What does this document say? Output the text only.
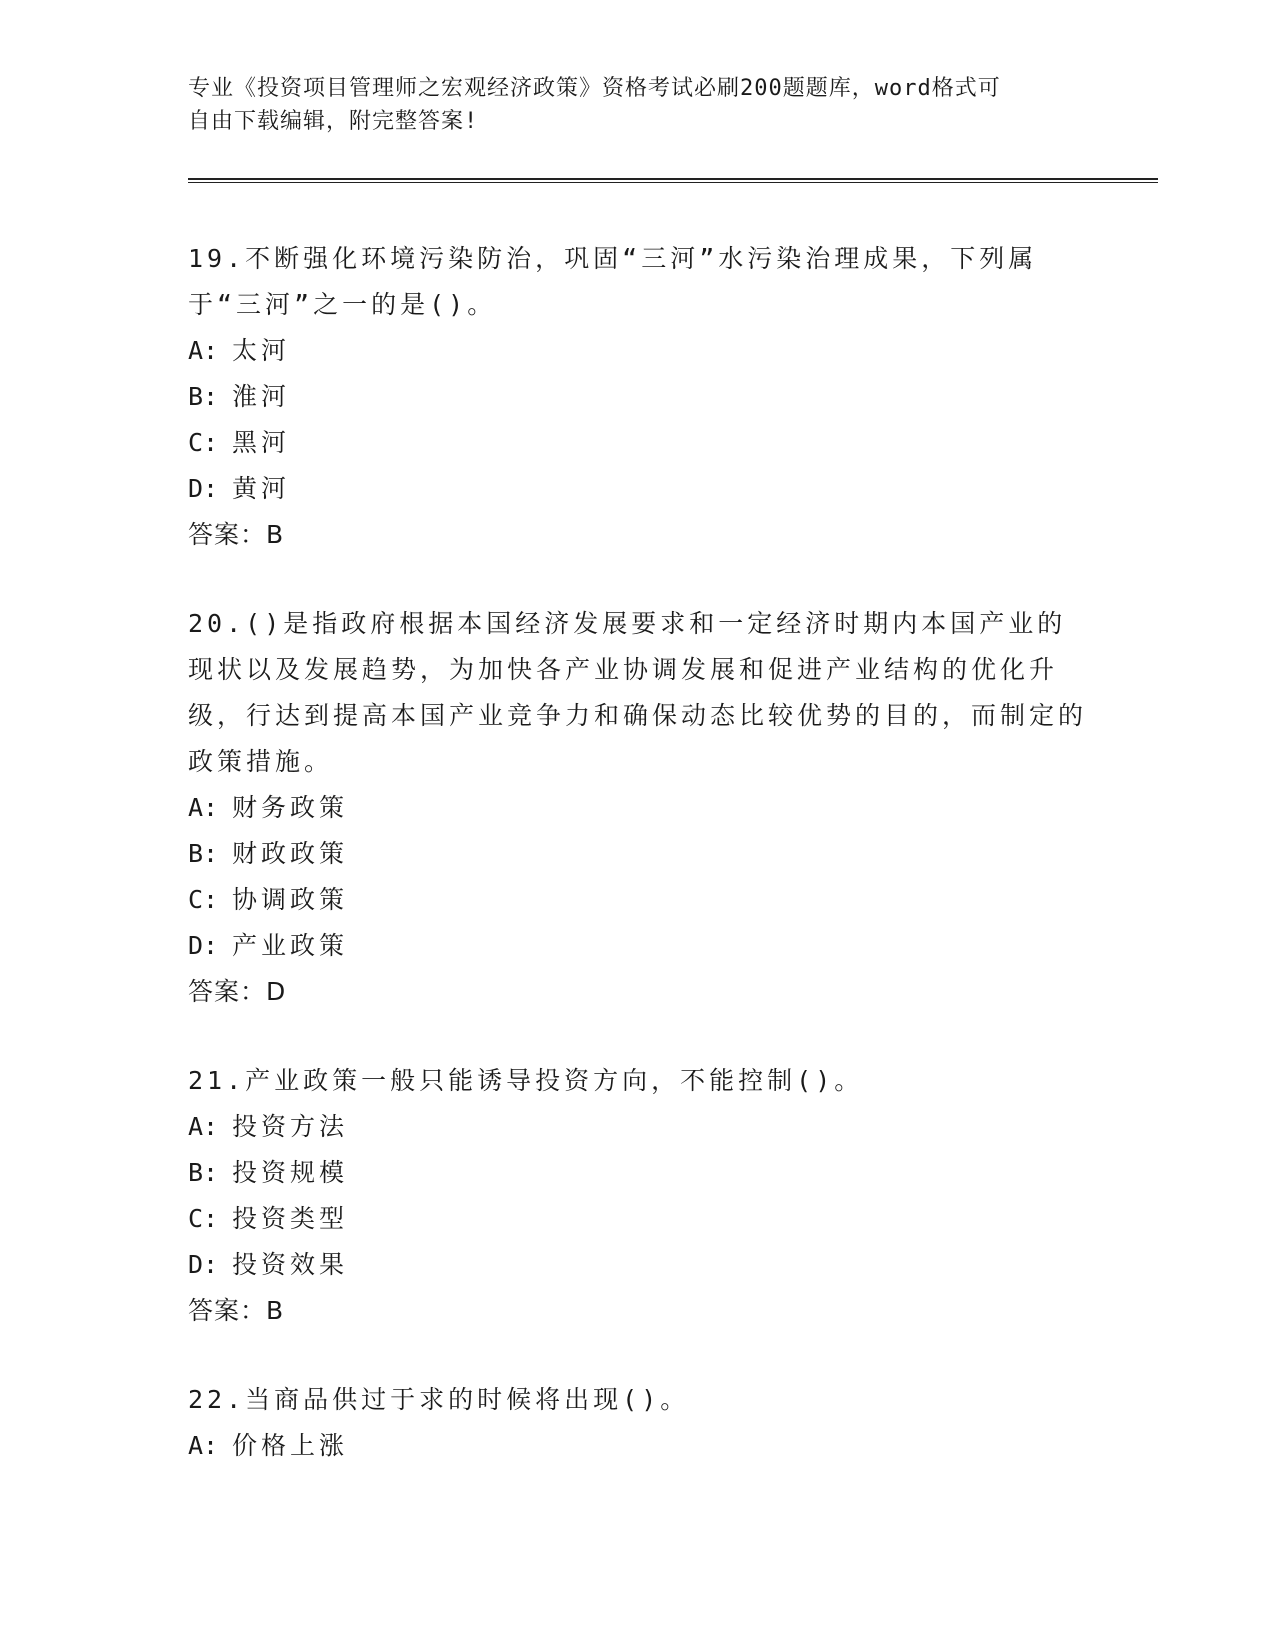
专业《投资项目管理师之宏观经济政策》资格考试必刷200题题库，word格式可
自由下载编辑，附完整答案!

19.不断强化环境污染防治，巩固“三河”水污染治理成果，下列属于“三河”之一的是()。

A: 太河

B: 淮河

C: 黑河

D: 黄河

答案：B

20.()是指政府根据本国经济发展要求和一定经济时期内本国产业的现状以及发展趋势，为加快各产业协调发展和促进产业结构的优化升级，行达到提高本国产业竞争力和确保动态比较优势的目的，而制定的政策措施。

A: 财务政策

B: 财政政策

C: 协调政策

D: 产业政策

答案：D

21.产业政策一般只能诱导投资方向，不能控制()。

A: 投资方法

B: 投资规模

C: 投资类型

D: 投资效果

答案：B

22.当商品供过于求的时候将出现()。

A: 价格上涨
